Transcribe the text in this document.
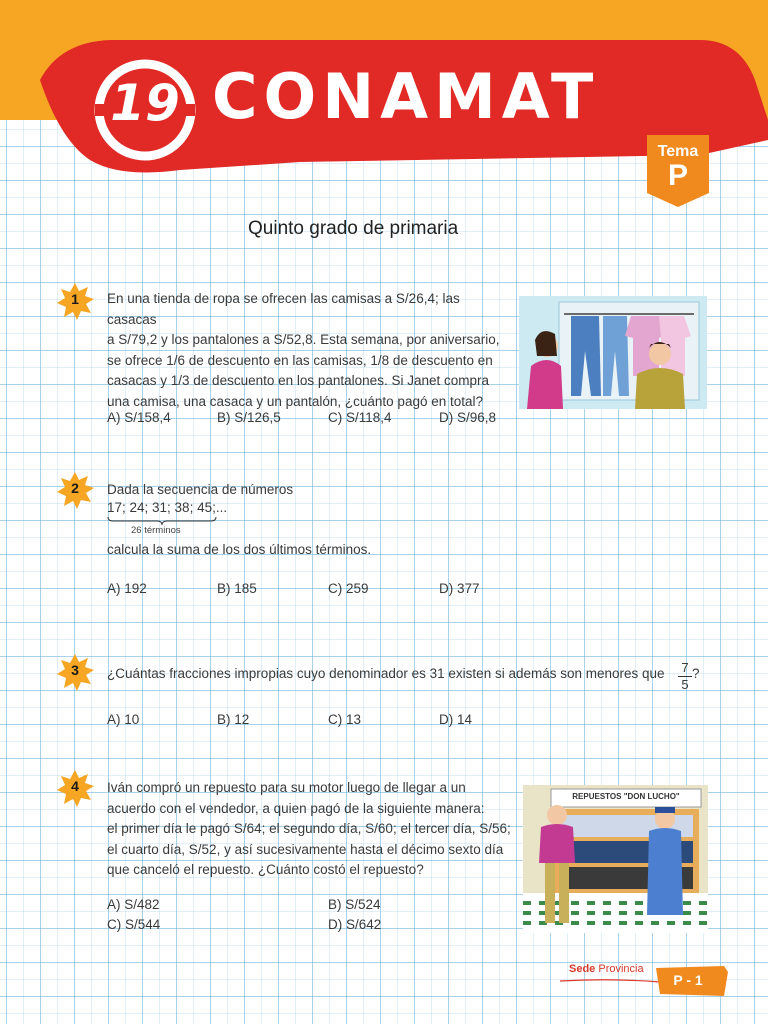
19 CONAMAT
Tema
P
Quinto grado de primaria
1	En una tienda de ropa se ofrecen las camisas a S/26,4; las casacas
a S/79,2 y los pantalones a S/52,8. Esta semana, por aniversario,
se ofrece 1/6 de descuento en las camisas, 1/8 de descuento en
casacas y 1/3 de descuento en los pantalones. Si Janet compra
una camisa, una casaca y un pantalón, ¿cuánto pagó en total?
A) S/158,4	B) S/126,5	C) S/118,4	D) S/96,8
2	Dada la secuencia de números
17; 24; 31; 38; 45;...
26 términos
calcula la suma de los dos últimos términos.
A) 192	B) 185	C) 259	D) 377
3	¿Cuántas fracciones impropias cuyo denominador es 31 existen si además son menores que $\frac{7}{5}$ ?
A) 10	B) 12	C) 13	D) 14
4	Iván compró un repuesto para su motor luego de llegar a un
acuerdo con el vendedor, a quien pagó de la siguiente manera:
el primer día le pagó S/64; el segundo día, S/60; el tercer día, S/56;
el cuarto día, S/52, y así sucesivamente hasta el décimo sexto día
que canceló el repuesto. ¿Cuánto costó el repuesto?
A) S/482	B) S/524
C) S/544	D) S/642
REPUESTOS "DON LUCHO"
Sede Provincia
P - 1
